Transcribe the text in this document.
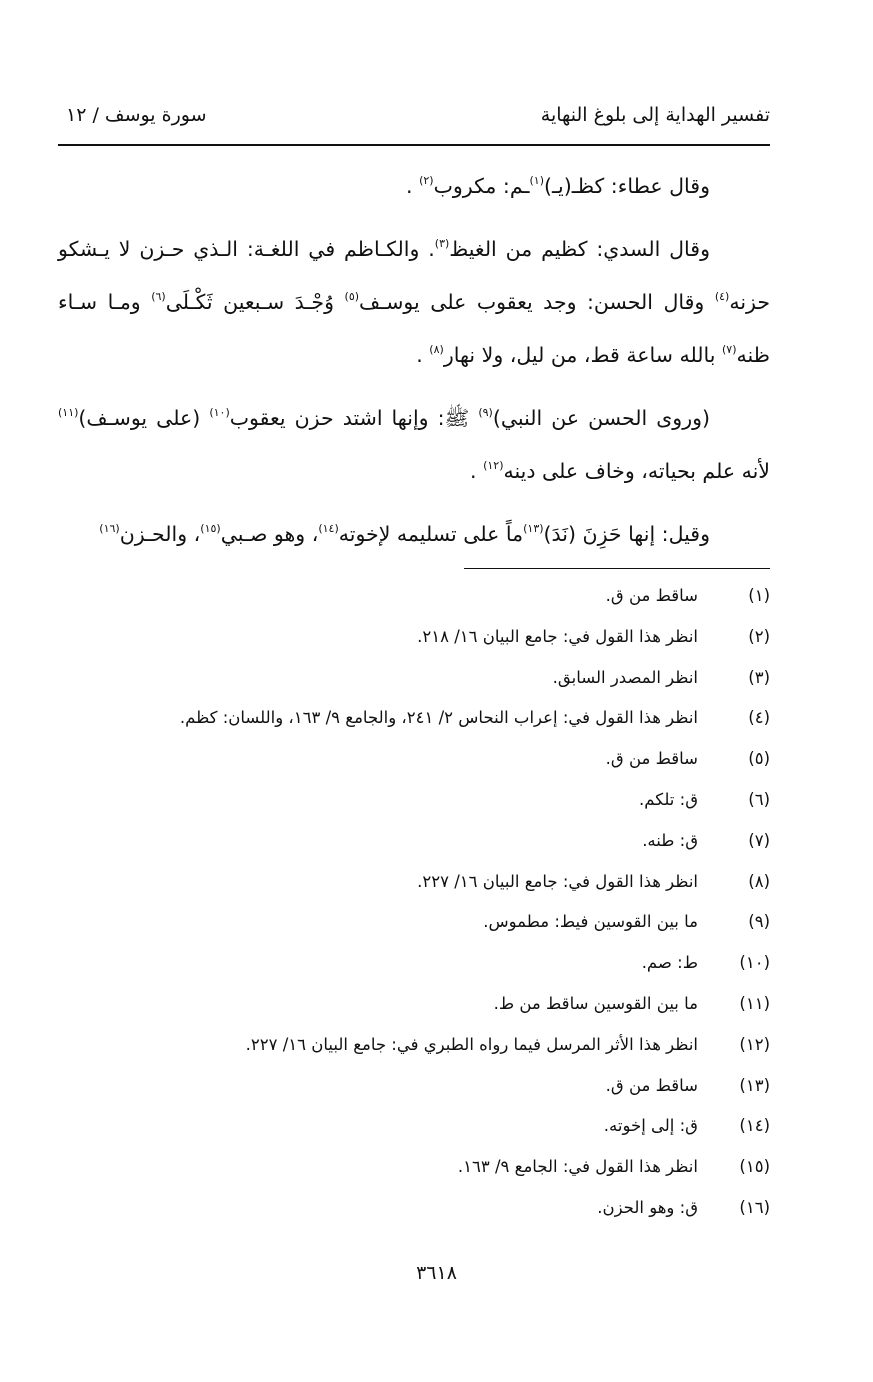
تفسير الهداية إلى بلوغ النهاية
سورة يوسف / ١٢

وقال عطاء: كظـ(يـ)$^{(١)}$ـم: مكروب$^{(٢)}$ .

وقال السدي: كظيم من الغيظ$^{(٣)}$. والكـاظم في اللغـة: الـذي حـزن لا يـشكو حزنه$^{(٤)}$ وقال الحسن: وجد يعقوب على يوسـف$^{(٥)}$ وُجْـدَ سـبعين ثَكْـلَى$^{(٦)}$ ومـا سـاء ظنه$^{(٧)}$ بالله ساعة قط، من ليل، ولا نهار$^{(٨)}$ .

(وروى الحسن عن النبي)$^{(٩)}$ ﷺ: وإنها اشتد حزن يعقوب$^{(١٠)}$ (على يوسـف)$^{(١١)}$ لأنه علم بحياته، وخاف على دينه$^{(١٢)}$ .

وقيل: إنها حَزِنَ (نَدَ)$^{(١٣)}$ماً على تسليمه لإخوته$^{(١٤)}$، وهو صـبي$^{(١٥)}$، والحـزن$^{(١٦)}$

(١)
ساقط من ق.
(٢)
انظر هذا القول في: جامع البيان ١٦/ ٢١٨.
(٣)
انظر المصدر السابق.
(٤)
انظر هذا القول في: إعراب النحاس ٢/ ٢٤١، والجامع ٩/ ١٦٣، واللسان: كظم.
(٥)
ساقط من ق.
(٦)
ق: تلكم.
(٧)
ق: طنه.
(٨)
انظر هذا القول في: جامع البيان ١٦/ ٢٢٧.
(٩)
ما بين القوسين فيط: مطموس.
(١٠)
ط: صم.
(١١)
ما بين القوسين ساقط من ط.
(١٢)
انظر هذا الأثر المرسل فيما رواه الطبري في: جامع البيان ١٦/ ٢٢٧.
(١٣)
ساقط من ق.
(١٤)
ق: إلى إخوته.
(١٥)
انظر هذا القول في: الجامع ٩/ ١٦٣.
(١٦)
ق: وهو الحزن.
٣٦١٨
